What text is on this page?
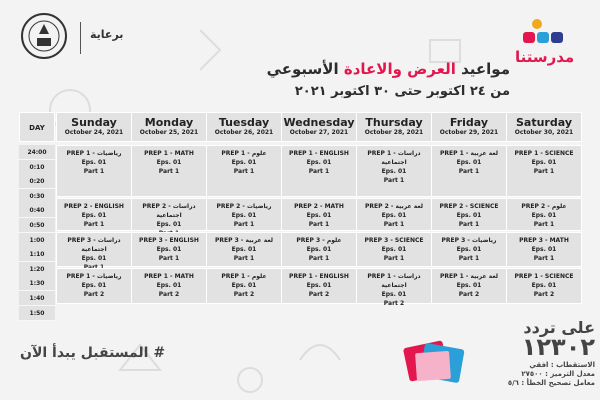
برعاية
مدرستنا
مواعيد العرض والاعادة الأسبوعي
من ٢٤ اكتوبر حتى ٣٠ اكتوبر ٢٠٢١
DAY	Sunday
October 24, 2021
Monday
October 25, 2021
Tuesday
October 26, 2021
Wednesday
October 27, 2021
Thursday
October 28, 2021
Friday
October 29, 2021
Saturday
October 30, 2021
24:00
0:10
0:20
0:30
0:40
0:50
1:00
1:10
1:20
1:30
1:40
1:50
PREP 1 - رياضيات
Eps. 01
Part 1
PREP 1 - MATH
Eps. 01
Part 1
PREP 1 - علوم
Eps. 01
Part 1
PREP 1 - ENGLISH
Eps. 01
Part 1
PREP 1 - دراسات
اجتماعية
Eps. 01
Part 1
PREP 1 - لغة عربية
Eps. 01
Part 1
PREP 1 - SCIENCE
Eps. 01
Part 1
PREP 2 - ENGLISH
Eps. 01
Part 1
PREP 2 - دراسات
اجتماعية
Eps. 01
PREP 2 - رياضيات
Eps. 01
Part 1
PREP 2 - MATH
Eps. 01
Part 1
PREP 2 - لغة عربية
Eps. 01
Part 1
PREP 2 - SCIENCE
Eps. 01
Part 1
PREP 2 - علوم
Eps. 01
Part 1
PREP 3 - دراسات
اجتماعية
Eps. 01
PREP 3 - ENGLISH
Eps. 01
Part 1
PREP 3 - لغة عربية
Eps. 01
Part 1
PREP 3 - علوم
Eps. 01
Part 1
PREP 3 - SCIENCE
Eps. 01
Part 1
PREP 3 - رياضيات
Eps. 01
Part 1
PREP 3 - MATH
Eps. 01
Part 1
PREP 1 - رياضيات
Eps. 01
Part 2
PREP 1 - MATH
Eps. 01
Part 2
PREP 1 - علوم
Eps. 01
Part 2
PREP 1 - ENGLISH
Eps. 01
Part 2
PREP 1 - دراسات
اجتماعية
Eps. 01
Part 2
PREP 1 - لغة عربية
Eps. 01
Part 2
PREP 1 - SCIENCE
Eps. 01
Part 2
# المستقبل يبدأ الآن
على تردد
١٢٣٠٢
الاستقطاب : افقي
معدل الترميز : ٢٧٥٠٠
معامل تصحيح الخطأ : ٥/٦
